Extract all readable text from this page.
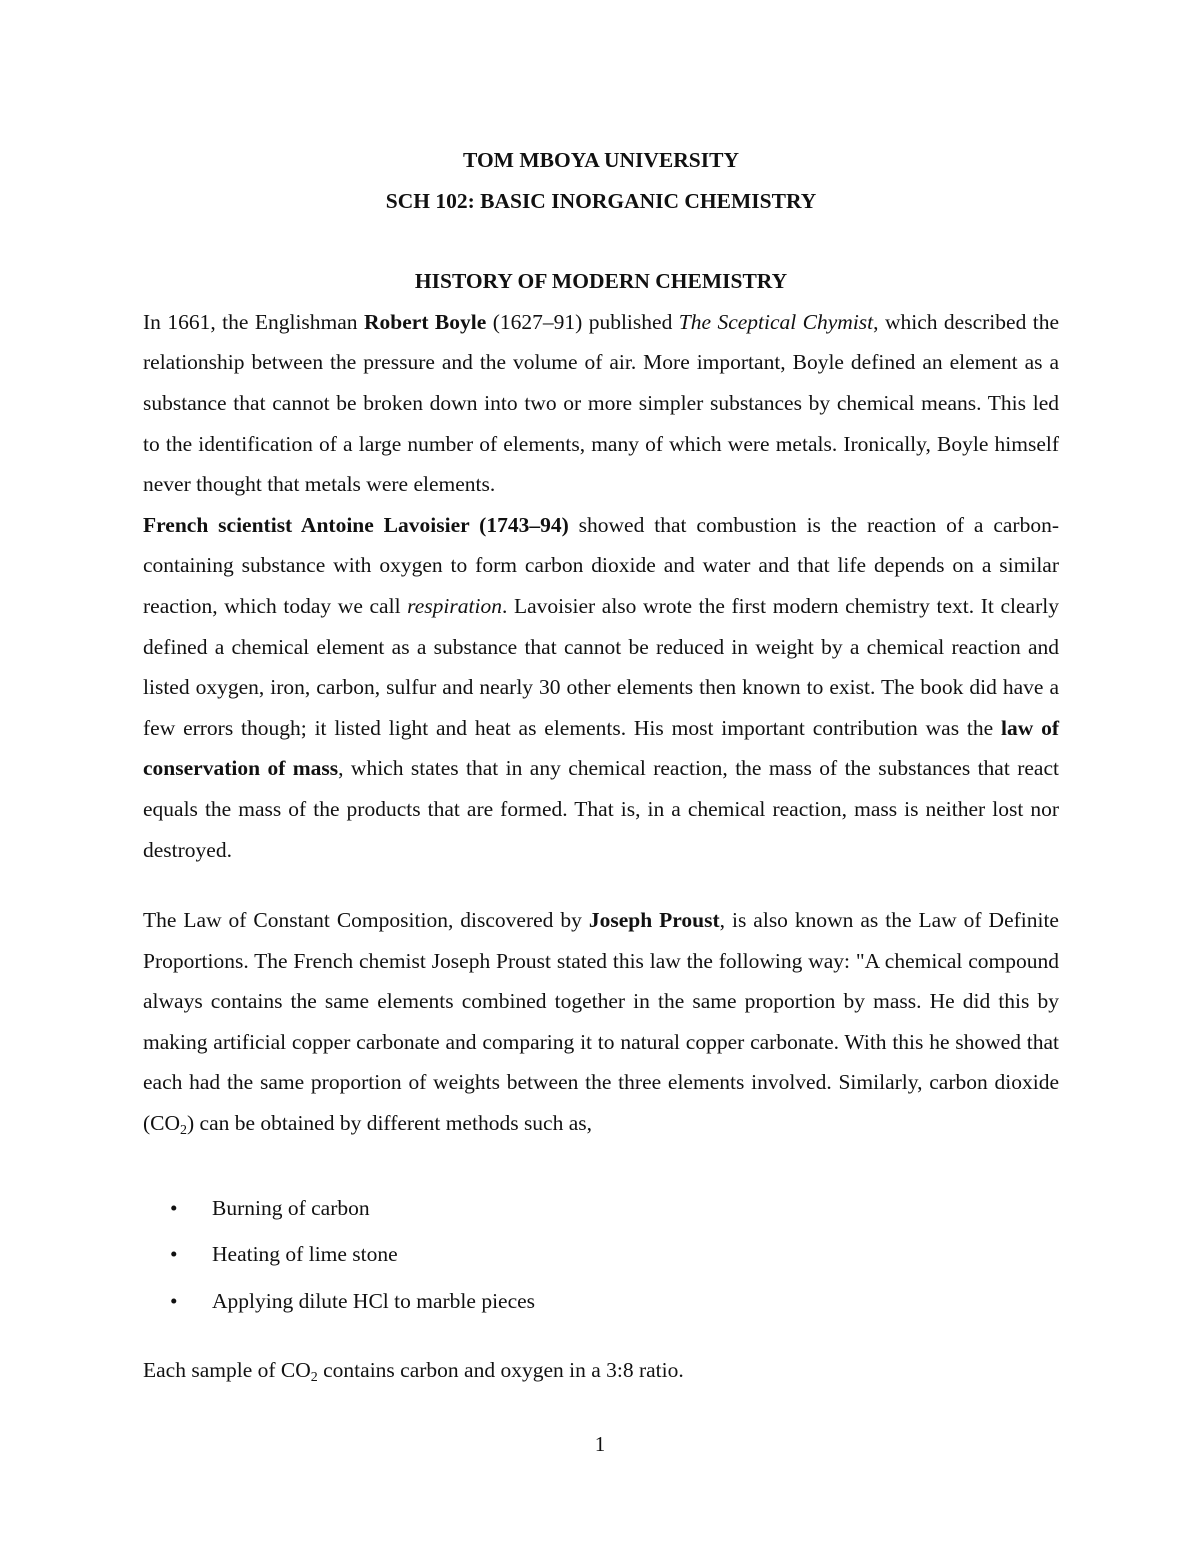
TOM MBOYA UNIVERSITY

SCH 102: BASIC INORGANIC CHEMISTRY

HISTORY OF MODERN CHEMISTRY

In 1661, the Englishman Robert Boyle (1627–91) published The Sceptical Chymist, which described the relationship between the pressure and the volume of air. More important, Boyle defined an element as a substance that cannot be broken down into two or more simpler substances by chemical means. This led to the identification of a large number of elements, many of which were metals. Ironically, Boyle himself never thought that metals were elements.

French scientist Antoine Lavoisier (1743–94) showed that combustion is the reaction of a carbon-containing substance with oxygen to form carbon dioxide and water and that life depends on a similar reaction, which today we call respiration. Lavoisier also wrote the first modern chemistry text. It clearly defined a chemical element as a substance that cannot be reduced in weight by a chemical reaction and listed oxygen, iron, carbon, sulfur and nearly 30 other elements then known to exist. The book did have a few errors though; it listed light and heat as elements. His most important contribution was the law of conservation of mass, which states that in any chemical reaction, the mass of the substances that react equals the mass of the products that are formed. That is, in a chemical reaction, mass is neither lost nor destroyed.

The Law of Constant Composition, discovered by Joseph Proust, is also known as the Law of Definite Proportions. The French chemist Joseph Proust stated this law the following way: "A chemical compound always contains the same elements combined together in the same proportion by mass. He did this by making artificial copper carbonate and comparing it to natural copper carbonate. With this he showed that each had the same proportion of weights between the three elements involved. Similarly, carbon dioxide $(CO_2)$ can be obtained by different methods such as,

• Burning of carbon
• Heating of lime stone
• Applying dilute HCl to marble pieces

Each sample of $CO_2$ contains carbon and oxygen in a 3:8 ratio.

1
